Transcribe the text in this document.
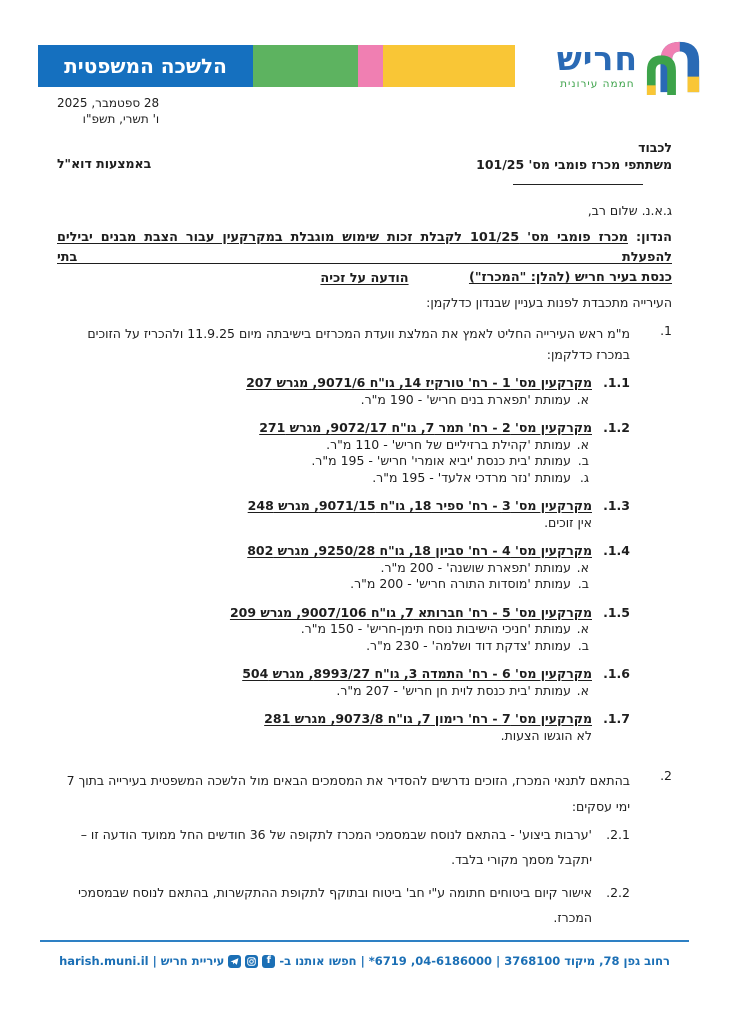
חריש
חממה עירונית
הלשכה המשפטית
28 ספטמבר, 2025
ו' תשרי, תשפ"ו
באמצעות דוא"ל
לכבוד
משתתפי מכרז פומבי מס' 101/25
ג.א.נ. שלום רב,
הנדון: מכרז פומבי מס' 101/25 לקבלת זכות שימוש מוגבלת במקרקעין עבור הצבת מבנים יבילים להפעלת בתי
כנסת בעיר חריש (להלן: "המכרז")
הודעה על זכיה
העירייה מתכבדת לפנות בעניין שבנדון כדלקמן:
1.
מ"מ ראש העירייה החליט לאמץ את המלצת וועדת המכרזים בישיבתה מיום 11.9.25 ולהכריז על הזוכים במכרז כדלקמן:
1.1.
מקרקעין מס' 1 - רח' טורקיז 14, גו"ח 9071/6, מגרש 207
א.
עמותת 'תפארת בנים חריש' - 190 מ"ר.
1.2.
מקרקעין מס' 2 - רח' תמר 7, גו"ח 9072/17, מגרש 271
א.
עמותת 'קהילת ברזיליים של חריש' - 110 מ"ר.
ב.
עמותת 'בית כנסת 'יביא אומרי' חריש' - 195 מ"ר.
ג.
עמותת 'נזר מרדכי אלעד' - 195 מ"ר.
1.3.
מקרקעין מס' 3 - רח' ספיר 18, גו"ח 9071/15, מגרש 248
אין זוכים.
1.4.
מקרקעין מס' 4 - רח' סביון 18, גו"ח 9250/28, מגרש 802
א.
עמותת 'תפארת שושנה' - 200 מ"ר.
ב.
עמותת 'מוסדות התורה חריש' - 200 מ"ר.
1.5.
מקרקעין מס' 5 - רח' חברותא 7, גו"ח 9007/106, מגרש 209
א.
עמותת 'חניכי הישיבות נוסח תימן-חריש' - 150 מ"ר.
ב.
עמותת 'צדקת דוד ושלמה' - 230 מ"ר.
1.6.
מקרקעין מס' 6 - רח' התמדה 3, גו"ח 8993/27, מגרש 504
א.
עמותת 'בית כנסת לוית חן חריש' - 207 מ"ר.
1.7.
מקרקעין מס' 7 - רח' רימון 7, גו"ח 9073/8, מגרש 281
לא הוגשו הצעות.
2.
בהתאם לתנאי המכרז, הזוכים נדרשים להסדיר את המסמכים הבאים מול הלשכה המשפטית בעירייה בתוך 7 ימי עסקים:
2.1.
'ערבות ביצוע' - בהתאם לנוסח שבמסמכי המכרז לתקופה של 36 חודשים החל ממועד הודעה זו – יתקבל מסמך מקורי בלבד.
2.2.
אישור קיום ביטוחים חתומה ע"י חב' ביטוח ובתוקף לתקופת ההתקשרות, בהתאם לנוסח שבמסמכי המכרז.
רחוב גפן 78, מיקוד 3768100 | 04-6186000, 6719* | חפשו אותנו ב-
f
עיריית חריש
|
harish.muni.il
